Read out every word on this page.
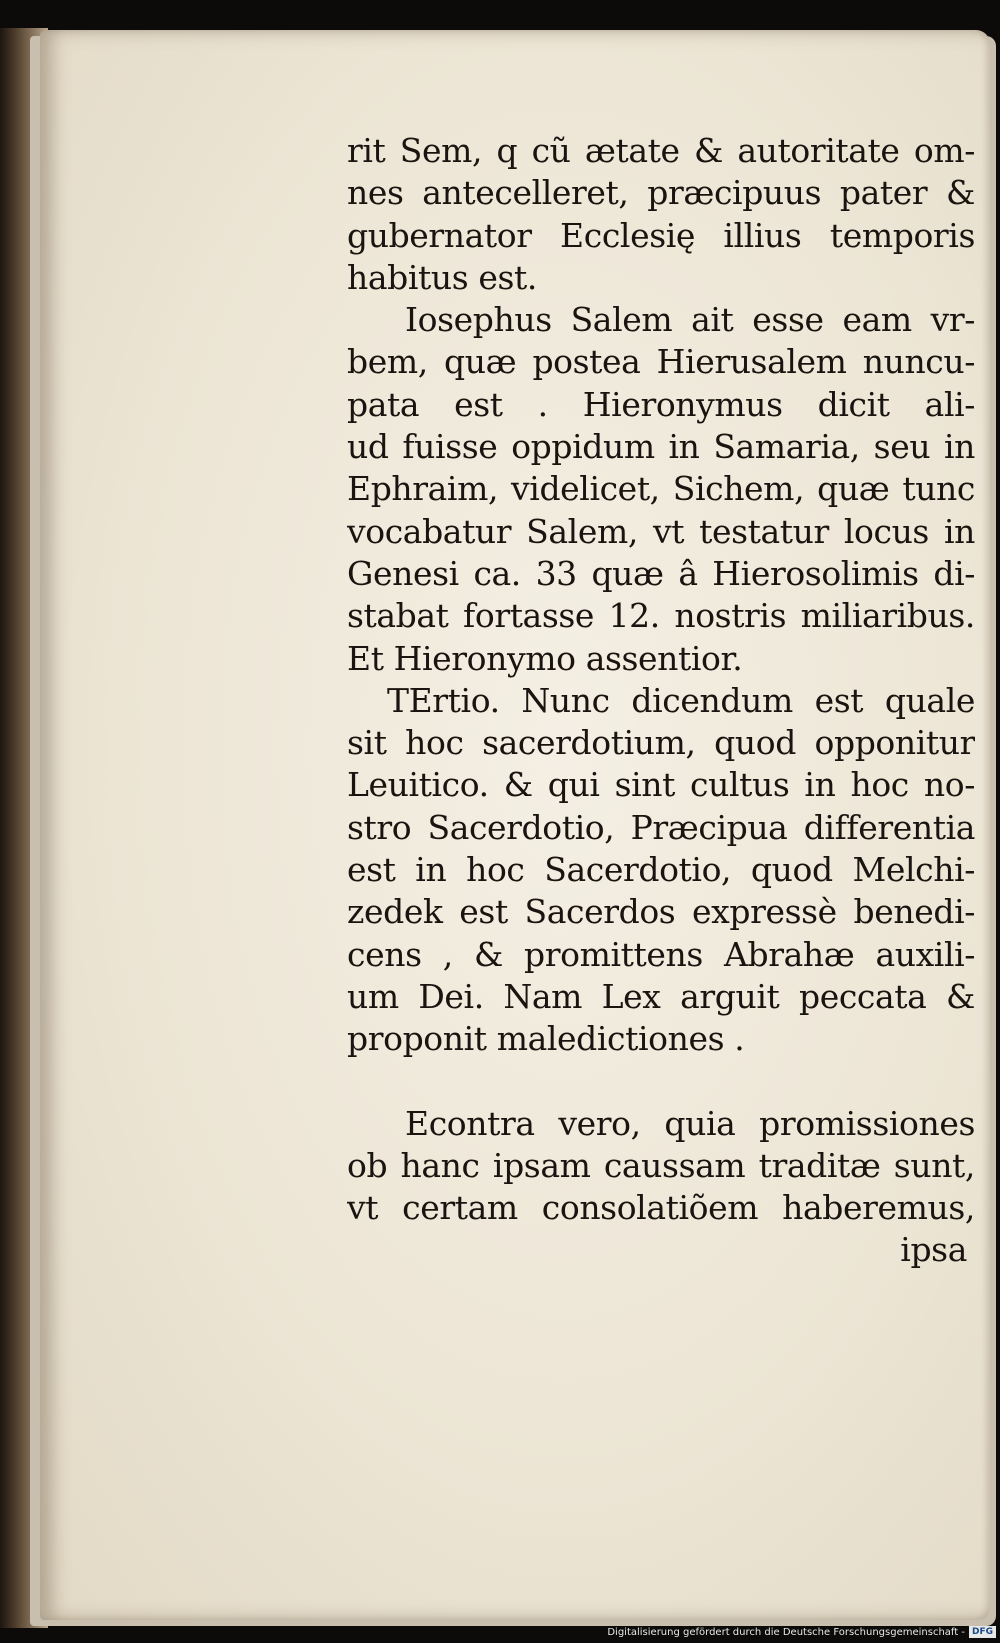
rit Sem, q cũ ætate & autoritate om-
nes antecelleret, præcipuus pater &
gubernator Ecclesię illius temporis
habitus est.
Iosephus Salem ait esse eam vr-
bem, quæ postea Hierusalem nuncu-
pata est . Hieronymus dicit ali-
ud fuisse oppidum in Samaria, seu in
Ephraim, videlicet, Sichem, quæ tunc
vocabatur Salem, vt testatur locus in
Genesi ca. 33 quæ â Hierosolimis di-
stabat fortasse 12. nostris miliaribus.
Et Hieronymo assentior.
TErtio. Nunc dicendum est quale
sit hoc sacerdotium, quod opponitur
Leuitico. & qui sint cultus in hoc no-
stro Sacerdotio, Præcipua differentia
est in hoc Sacerdotio, quod Melchi-
zedek est Sacerdos expressè benedi-
cens , & promittens Abrahæ auxili-
um Dei. Nam Lex arguit peccata &
proponit maledictiones .
Econtra vero, quia promissiones
ob hanc ipsam caussam traditæ sunt,
vt certam consolatiõem haberemus,
ipsa
Digitalisierung gefördert durch die Deutsche Forschungsgemeinschaft - DFG
